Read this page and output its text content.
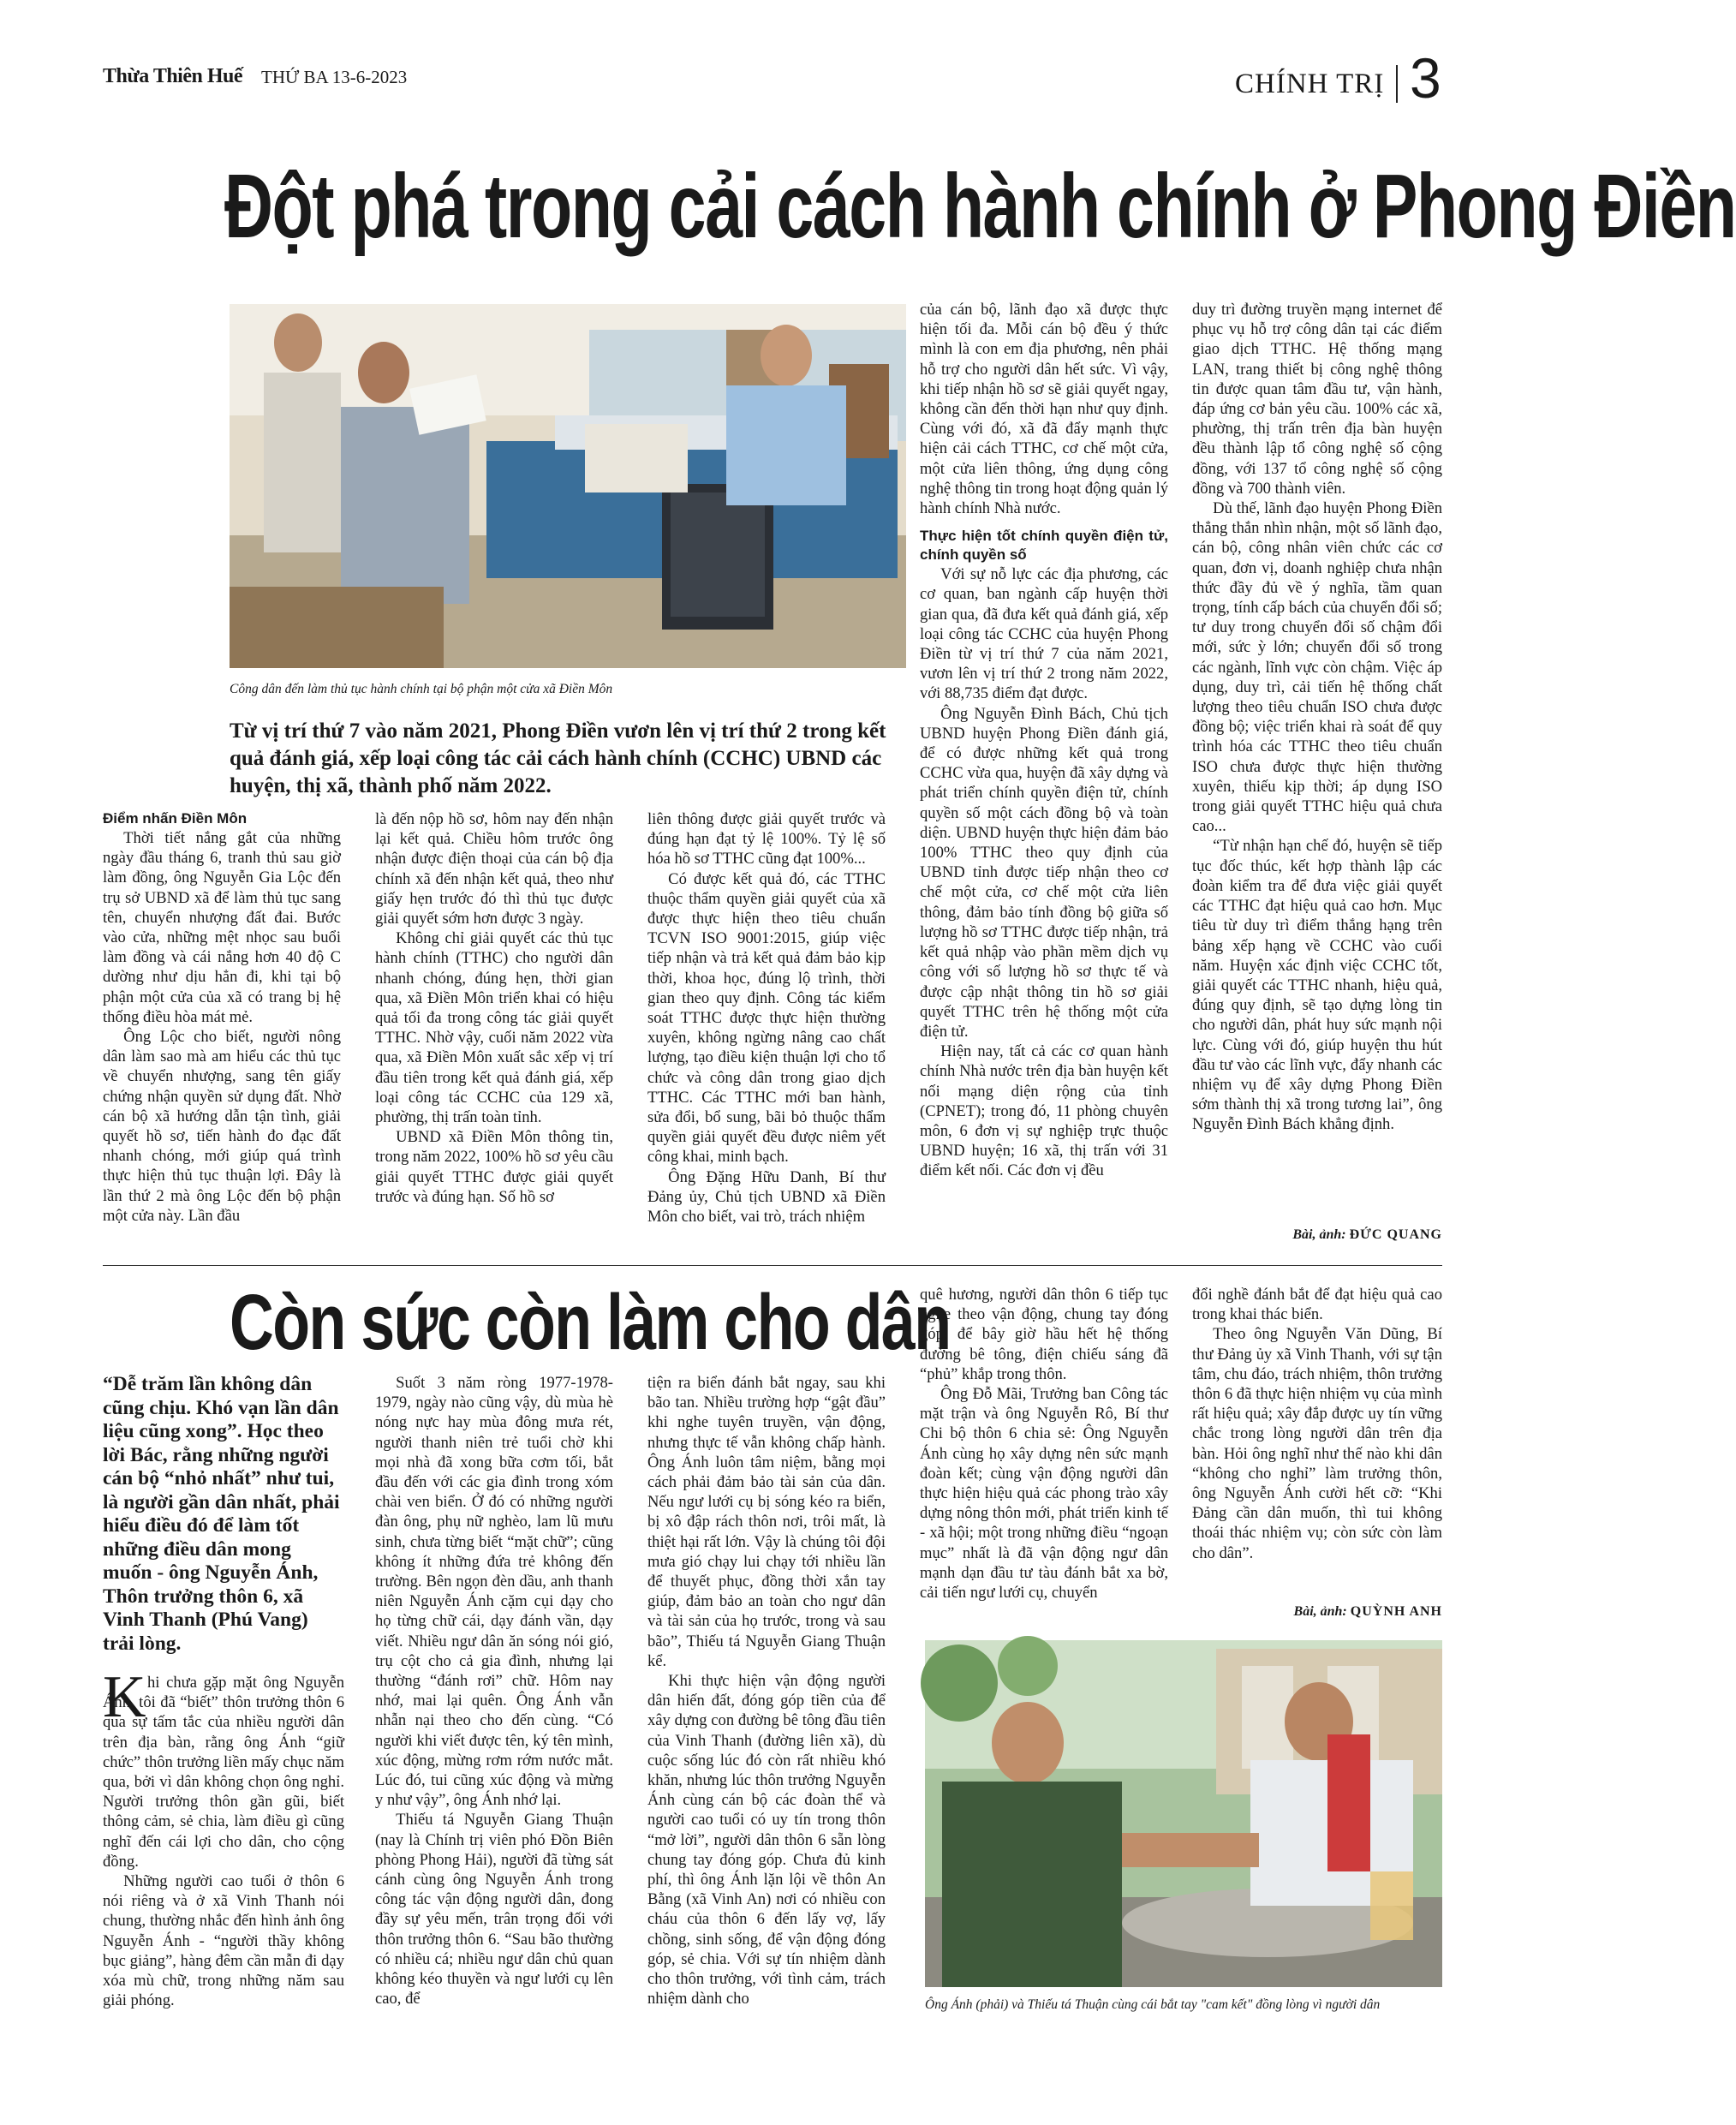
Thừa Thiên Huế THỨ BA 13-6-2023	CHÍNH TRỊ 3
Đột phá trong cải cách hành chính ở Phong Điền
Công dân đến làm thủ tục hành chính tại bộ phận một cửa xã Điền Môn
Từ vị trí thứ 7 vào năm 2021, Phong Điền vươn lên vị trí thứ 2 trong kết quả đánh giá, xếp loại công tác cải cách hành chính (CCHC) UBND các huyện, thị xã, thành phố năm 2022.
Điểm nhấn Điền Môn

Thời tiết nắng gắt của những ngày đầu tháng 6, tranh thủ sau giờ làm đồng, ông Nguyễn Gia Lộc đến trụ sở UBND xã để làm thủ tục sang tên, chuyển nhượng đất đai. Bước vào cửa, những mệt nhọc sau buổi làm đồng và cái nắng hơn 40 độ C dường như dịu hẳn đi, khi tại bộ phận một cửa của xã có trang bị hệ thống điều hòa mát mẻ.

Ông Lộc cho biết, người nông dân làm sao mà am hiểu các thủ tục về chuyển nhượng, sang tên giấy chứng nhận quyền sử dụng đất. Nhờ cán bộ xã hướng dẫn tận tình, giải quyết hồ sơ, tiến hành đo đạc đất nhanh chóng, mới giúp quá trình thực hiện thủ tục thuận lợi. Đây là lần thứ 2 mà ông Lộc đến bộ phận một cửa này. Lần đầu

là đến nộp hồ sơ, hôm nay đến nhận lại kết quả. Chiều hôm trước ông nhận được điện thoại của cán bộ địa chính xã đến nhận kết quả, theo như giấy hẹn trước đó thì thủ tục được giải quyết sớm hơn được 3 ngày.

Không chỉ giải quyết các thủ tục hành chính (TTHC) cho người dân nhanh chóng, đúng hẹn, thời gian qua, xã Điền Môn triển khai có hiệu quả tối đa trong công tác giải quyết TTHC. Nhờ vậy, cuối năm 2022 vừa qua, xã Điền Môn xuất sắc xếp vị trí đầu tiên trong kết quả đánh giá, xếp loại công tác CCHC của 129 xã, phường, thị trấn toàn tỉnh.

UBND xã Điền Môn thông tin, trong năm 2022, 100% hồ sơ yêu cầu giải quyết TTHC được giải quyết trước và đúng hạn. Số hồ sơ

liên thông được giải quyết trước và đúng hạn đạt tỷ lệ 100%. Tỷ lệ số hóa hồ sơ TTHC cũng đạt 100%...

Có được kết quả đó, các TTHC thuộc thẩm quyền giải quyết của xã được thực hiện theo tiêu chuẩn TCVN ISO 9001:2015, giúp việc tiếp nhận và trả kết quả đảm bảo kịp thời, khoa học, đúng lộ trình, thời gian theo quy định. Công tác kiểm soát TTHC được thực hiện thường xuyên, không ngừng nâng cao chất lượng, tạo điều kiện thuận lợi cho tổ chức và công dân trong giao dịch TTHC. Các TTHC mới ban hành, sửa đổi, bổ sung, bãi bỏ thuộc thẩm quyền giải quyết đều được niêm yết công khai, minh bạch.

Ông Đặng Hữu Danh, Bí thư Đảng ủy, Chủ tịch UBND xã Điền Môn cho biết, vai trò, trách nhiệm

của cán bộ, lãnh đạo xã được thực hiện tối đa. Mỗi cán bộ đều ý thức mình là con em địa phương, nên phải hỗ trợ cho người dân hết sức. Vì vậy, khi tiếp nhận hồ sơ sẽ giải quyết ngay, không cần đến thời hạn như quy định. Cùng với đó, xã đã đẩy mạnh thực hiện cải cách TTHC, cơ chế một cửa, một cửa liên thông, ứng dụng công nghệ thông tin trong hoạt động quản lý hành chính Nhà nước.

Thực hiện tốt chính quyền điện tử, chính quyền số

Với sự nỗ lực các địa phương, các cơ quan, ban ngành cấp huyện thời gian qua, đã đưa kết quả đánh giá, xếp loại công tác CCHC của huyện Phong Điền từ vị trí thứ 7 của năm 2021, vươn lên vị trí thứ 2 trong năm 2022, với 88,735 điểm đạt được.

Ông Nguyễn Đình Bách, Chủ tịch UBND huyện Phong Điền đánh giá, để có được những kết quả trong CCHC vừa qua, huyện đã xây dựng và phát triển chính quyền điện tử, chính quyền số một cách đồng bộ và toàn diện. UBND huyện thực hiện đảm bảo 100% TTHC theo quy định của UBND tỉnh được tiếp nhận theo cơ chế một cửa, cơ chế một cửa liên thông, đảm bảo tính đồng bộ giữa số lượng hồ sơ TTHC được tiếp nhận, trả kết quả nhập vào phần mềm dịch vụ công với số lượng hồ sơ thực tế và được cập nhật thông tin hồ sơ giải quyết TTHC trên hệ thống một cửa điện tử.

Hiện nay, tất cả các cơ quan hành chính Nhà nước trên địa bàn huyện kết nối mạng diện rộng của tỉnh (CPNET); trong đó, 11 phòng chuyên môn, 6 đơn vị sự nghiệp trực thuộc UBND huyện; 16 xã, thị trấn với 31 điểm kết nối. Các đơn vị đều

duy trì đường truyền mạng internet để phục vụ hỗ trợ công dân tại các điểm giao dịch TTHC. Hệ thống mạng LAN, trang thiết bị công nghệ thông tin được quan tâm đầu tư, vận hành, đáp ứng cơ bản yêu cầu. 100% các xã, phường, thị trấn trên địa bàn huyện đều thành lập tổ công nghệ số cộng đồng, với 137 tổ công nghệ số cộng đồng và 700 thành viên.

Dù thế, lãnh đạo huyện Phong Điền thẳng thắn nhìn nhận, một số lãnh đạo, cán bộ, công nhân viên chức các cơ quan, đơn vị, doanh nghiệp chưa nhận thức đầy đủ về ý nghĩa, tầm quan trọng, tính cấp bách của chuyển đổi số; tư duy trong chuyển đổi số chậm đổi mới, sức ỳ lớn; chuyển đổi số trong các ngành, lĩnh vực còn chậm. Việc áp dụng, duy trì, cải tiến hệ thống chất lượng theo tiêu chuẩn ISO chưa được đồng bộ; việc triển khai rà soát để quy trình hóa các TTHC theo tiêu chuẩn ISO chưa được thực hiện thường xuyên, thiếu kịp thời; áp dụng ISO trong giải quyết TTHC hiệu quả chưa cao...

“Từ nhận hạn chế đó, huyện sẽ tiếp tục đốc thúc, kết hợp thành lập các đoàn kiểm tra để đưa việc giải quyết các TTHC đạt hiệu quả cao hơn. Mục tiêu từ duy trì điểm thắng hạng trên bảng xếp hạng về CCHC vào cuối năm. Huyện xác định việc CCHC tốt, giải quyết các TTHC nhanh, hiệu quả, đúng quy định, sẽ tạo dựng lòng tin cho người dân, phát huy sức mạnh nội lực. Cùng với đó, giúp huyện thu hút đầu tư vào các lĩnh vực, đẩy nhanh các nhiệm vụ để xây dựng Phong Điền sớm thành thị xã trong tương lai”, ông Nguyễn Đình Bách khẳng định.

Bài, ảnh: ĐỨC QUANG
Còn sức còn làm cho dân
“Dễ trăm lần không dân cũng chịu. Khó vạn lần dân liệu cũng xong”. Học theo lời Bác, rằng những người cán bộ “nhỏ nhất” như tui, là người gần dân nhất, phải hiểu điều đó để làm tốt những điều dân mong muốn - ông Nguyễn Ánh, Thôn trưởng thôn 6, xã Vinh Thanh (Phú Vang) trải lòng.
K hi chưa gặp mặt ông Nguyễn Ánh, tôi đã “biết” thôn trưởng thôn 6 qua sự tấm tắc của nhiều người dân trên địa bàn, rằng ông Ánh “giữ chức” thôn trưởng liền mấy chục năm qua, bởi vì dân không chọn ông nghỉ. Người trưởng thôn gần gũi, biết thông cảm, sẻ chia, làm điều gì cũng nghĩ đến cái lợi cho dân, cho cộng đồng.

Những người cao tuổi ở thôn 6 nói riêng và ở xã Vinh Thanh nói chung, thường nhắc đến hình ảnh ông Nguyễn Ánh - “người thầy không bục giảng”, hàng đêm cần mẫn đi dạy xóa mù chữ, trong những năm sau giải phóng.

Suốt 3 năm ròng 1977-1978-1979, ngày nào cũng vậy, dù mùa hè nóng nực hay mùa đông mưa rét, người thanh niên trẻ tuổi chờ khi mọi nhà đã xong bữa cơm tối, bắt đầu đến với các gia đình trong xóm chài ven biển. Ở đó có những người đàn ông, phụ nữ nghèo, lam lũ mưu sinh, chưa từng biết “mặt chữ”; cũng không ít những đứa trẻ không đến trường. Bên ngọn đèn dầu, anh thanh niên Nguyễn Ánh cặm cụi dạy cho họ từng chữ cái, dạy đánh vần, dạy viết. Nhiều ngư dân ăn sóng nói gió, trụ cột cho cả gia đình, nhưng lại thường “đánh rơi” chữ. Hôm nay nhớ, mai lại quên. Ông Ánh vẫn nhẫn nại theo cho đến cùng. “Có người khi viết được tên, ký tên mình, xúc động, mừng rơm rớm nước mắt. Lúc đó, tui cũng xúc động và mừng y như vậy”, ông Ánh nhớ lại.

Thiếu tá Nguyễn Giang Thuận (nay là Chính trị viên phó Đồn Biên phòng Phong Hải), người đã từng sát cánh cùng ông Nguyễn Ánh trong công tác vận động người dân, đong đầy sự yêu mến, trân trọng đối với thôn trưởng thôn 6. “Sau bão thường có nhiều cá; nhiều ngư dân chủ quan không kéo thuyền và ngư lưới cụ lên cao, để

tiện ra biển đánh bắt ngay, sau khi bão tan. Nhiều trường hợp “gật đầu” khi nghe tuyên truyền, vận động, nhưng thực tế vẫn không chấp hành. Ông Ánh luôn tâm niệm, bằng mọi cách phải đảm bảo tài sản của dân. Nếu ngư lưới cụ bị sóng kéo ra biển, bị xô đập rách thôn nơi, trôi mất, là thiệt hại rất lớn. Vậy là chúng tôi đội mưa gió chạy lui chạy tới nhiều lần để thuyết phục, đồng thời xắn tay giúp, đảm bảo an toàn cho ngư dân và tài sản của họ trước, trong và sau bão”, Thiếu tá Nguyễn Giang Thuận kể.

Khi thực hiện vận động người dân hiến đất, đóng góp tiền của để xây dựng con đường bê tông đầu tiên của Vinh Thanh (đường liên xã), dù cuộc sống lúc đó còn rất nhiều khó khăn, nhưng lúc thôn trưởng Nguyễn Ánh cùng cán bộ các đoàn thể và người cao tuổi có uy tín trong thôn “mở lời”, người dân thôn 6 sẵn lòng chung tay đóng góp. Chưa đủ kinh phí, thì ông Ánh lặn lội về thôn An Bằng (xã Vinh An) nơi có nhiều con cháu của thôn 6 đến lấy vợ, lấy chồng, sinh sống, để vận động đóng góp, sẻ chia. Với sự tín nhiệm dành cho thôn trưởng, với tình cảm, trách nhiệm dành cho

quê hương, người dân thôn 6 tiếp tục nghe theo vận động, chung tay đóng góp, để bây giờ hầu hết hệ thống đường bê tông, điện chiếu sáng đã “phủ” khắp trong thôn.

Ông Đỗ Mãi, Trưởng ban Công tác mặt trận và ông Nguyễn Rô, Bí thư Chi bộ thôn 6 chia sẻ: Ông Nguyễn Ánh cùng họ xây dựng nên sức mạnh đoàn kết; cùng vận động người dân thực hiện hiệu quả các phong trào xây dựng nông thôn mới, phát triển kinh tế - xã hội; một trong những điều “ngoạn mục” nhất là đã vận động ngư dân mạnh dạn đầu tư tàu đánh bắt xa bờ, cải tiến ngư lưới cụ, chuyển

đổi nghề đánh bắt để đạt hiệu quả cao trong khai thác biển.

Theo ông Nguyễn Văn Dũng, Bí thư Đảng ủy xã Vinh Thanh, với sự tận tâm, chu đáo, trách nhiệm, thôn trưởng thôn 6 đã thực hiện nhiệm vụ của mình rất hiệu quả; xây đắp được uy tín vững chắc trong lòng người dân trên địa bàn. Hỏi ông nghĩ như thế nào khi dân “không cho nghỉ” làm trưởng thôn, ông Nguyễn Ánh cười hết cỡ: “Khi Đảng cần dân muốn, thì tui không thoái thác nhiệm vụ; còn sức còn làm cho dân”.

Bài, ảnh: QUỲNH ANH
Ông Ánh (phải) và Thiếu tá Thuận cùng cái bắt tay "cam kết" đồng lòng vì người dân
